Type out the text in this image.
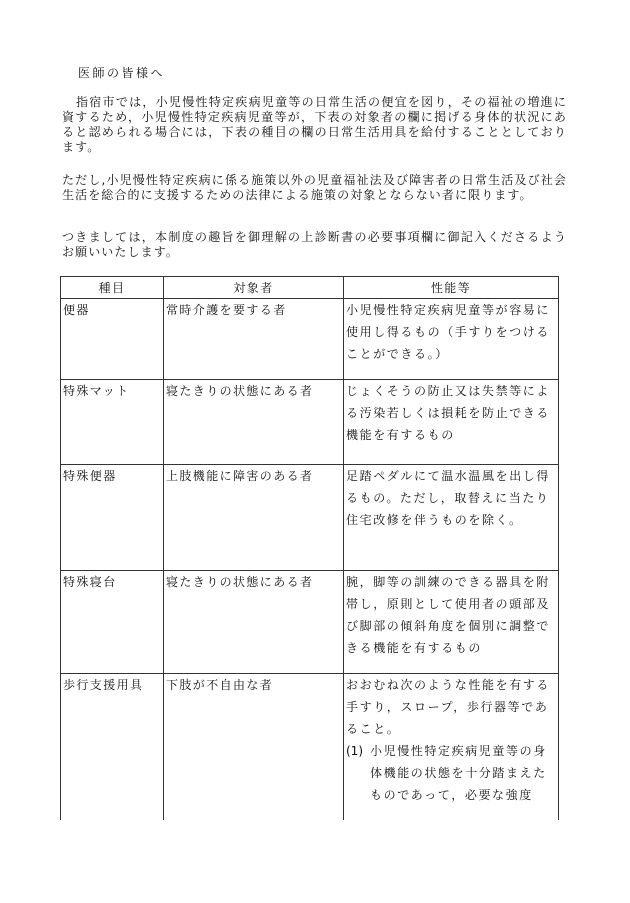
医師の皆様へ

指宿市では，小児慢性特定疾病児童等の日常生活の便宜を図り，その福祉の増進に資するため，小児慢性特定疾病児童等が，下表の対象者の欄に掲げる身体的状況にあると認められる場合には，下表の種目の欄の日常生活用具を給付することとしております。

ただし,小児慢性特定疾病に係る施策以外の児童福祉法及び障害者の日常生活及び社会生活を総合的に支援するための法律による施策の対象とならない者に限ります。

つきましては，本制度の趣旨を御理解の上診断書の必要事項欄に御記入くださるようお願いいたします。

種目	対象者	性能等
便器	常時介護を要する者	小児慢性特定疾病児童等が容易に使用し得るもの（手すりをつけることができる。）
特殊マット	寝たきりの状態にある者	じょくそうの防止又は失禁等による汚染若しくは損耗を防止できる機能を有するもの
特殊便器	上肢機能に障害のある者	足踏ペダルにて温水温風を出し得るもの。ただし，取替えに当たり住宅改修を伴うものを除く。
特殊寝台	寝たきりの状態にある者	腕，脚等の訓練のできる器具を附帯し，原則として使用者の頭部及び脚部の傾斜角度を個別に調整できる機能を有するもの
歩行支援用具	下肢が不自由な者	おおむね次のような性能を有する手すり，スロープ，歩行器等であること。
(1) 小児慢性特定疾病児童等の身体機能の状態を十分踏まえたものであって，必要な強度
